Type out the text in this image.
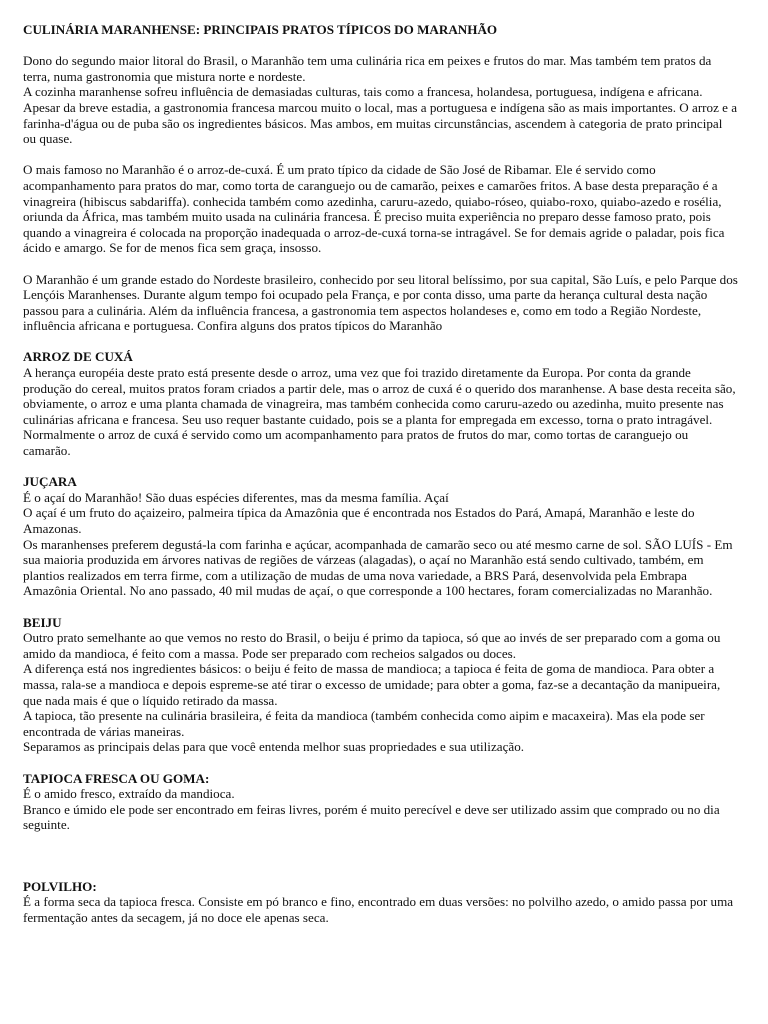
CULINÁRIA MARANHENSE: PRINCIPAIS PRATOS TÍPICOS DO MARANHÃO

Dono do segundo maior litoral do Brasil, o Maranhão tem uma culinária rica em peixes e frutos do mar. Mas também tem pratos da terra, numa gastronomia que mistura norte e nordeste.

A cozinha maranhense sofreu influência de demasiadas culturas, tais como a francesa, holandesa, portuguesa, indígena e africana. Apesar da breve estadia, a gastronomia francesa marcou muito o local, mas a portuguesa e indígena são as mais importantes. O arroz e a farinha-d'água ou de puba são os ingredientes básicos. Mas ambos, em muitas circunstâncias, ascendem à categoria de prato principal ou quase.

O mais famoso no Maranhão é o arroz-de-cuxá. É um prato típico da cidade de São José de Ribamar. Ele é servido como acompanhamento para pratos do mar, como torta de caranguejo ou de camarão, peixes e camarões fritos. A base desta preparação é a vinagreira (hibiscus sabdariffa). conhecida também como azedinha, caruru-azedo, quiabo-róseo, quiabo-roxo, quiabo-azedo e rosélia, oriunda da África, mas também muito usada na culinária francesa. É preciso muita experiência no preparo desse famoso prato, pois quando a vinagreira é colocada na proporção inadequada o arroz-de-cuxá torna-se intragável. Se for demais agride o paladar, pois fica ácido e amargo. Se for de menos fica sem graça, insosso.

O Maranhão é um grande estado do Nordeste brasileiro, conhecido por seu litoral belíssimo, por sua capital, São Luís, e pelo Parque dos Lençóis Maranhenses. Durante algum tempo foi ocupado pela França, e por conta disso, uma parte da herança cultural desta nação passou para a culinária. Além da influência francesa, a gastronomia tem aspectos holandeses e, como em todo a Região Nordeste, influência africana e portuguesa. Confira alguns dos pratos típicos do Maranhão

ARROZ DE CUXÁ

A herança européia deste prato está presente desde o arroz, uma vez que foi trazido diretamente da Europa. Por conta da grande produção do cereal, muitos pratos foram criados a partir dele, mas o arroz de cuxá é o querido dos maranhense. A base desta receita são, obviamente, o arroz e uma planta chamada de vinagreira, mas também conhecida como caruru-azedo ou azedinha, muito presente nas culinárias africana e francesa. Seu uso requer bastante cuidado, pois se a planta for empregada em excesso, torna o prato intragável. Normalmente o arroz de cuxá é servido como um acompanhamento para pratos de frutos do mar, como tortas de caranguejo ou camarão.

JUÇARA

É o açaí do Maranhão! São duas espécies diferentes, mas da mesma família. Açaí

O açaí é um fruto do açaizeiro, palmeira típica da Amazônia que é encontrada nos Estados do Pará, Amapá, Maranhão e leste do Amazonas.

Os maranhenses preferem degustá-la com farinha e açúcar, acompanhada de camarão seco ou até mesmo carne de sol. SÃO LUÍS - Em sua maioria produzida em árvores nativas de regiões de várzeas (alagadas), o açaí no Maranhão está sendo cultivado, também, em plantios realizados em terra firme, com a utilização de mudas de uma nova variedade, a BRS Pará, desenvolvida pela Embrapa Amazônia Oriental. No ano passado, 40 mil mudas de açaí, o que corresponde a 100 hectares, foram comercializadas no Maranhão.

BEIJU

Outro prato semelhante ao que vemos no resto do Brasil, o beiju é primo da tapioca, só que ao invés de ser preparado com a goma ou amido da mandioca, é feito com a massa. Pode ser preparado com recheios salgados ou doces.

A diferença está nos ingredientes básicos: o beiju é feito de massa de mandioca; a tapioca é feita de goma de mandioca. Para obter a massa, rala-se a mandioca e depois espreme-se até tirar o excesso de umidade; para obter a goma, faz-se a decantação da manipueira, que nada mais é que o líquido retirado da massa.

A tapioca, tão presente na culinária brasileira, é feita da mandioca (também conhecida como aipim e macaxeira). Mas ela pode ser encontrada de várias maneiras.

Separamos as principais delas para que você entenda melhor suas propriedades e sua utilização.

TAPIOCA FRESCA OU GOMA:

É o amido fresco, extraído da mandioca.

Branco e úmido ele pode ser encontrado em feiras livres, porém é muito perecível e deve ser utilizado assim que comprado ou no dia seguinte.

POLVILHO:

É a forma seca da tapioca fresca. Consiste em pó branco e fino, encontrado em duas versões: no polvilho azedo, o amido passa por uma fermentação antes da secagem, já no doce ele apenas seca.
